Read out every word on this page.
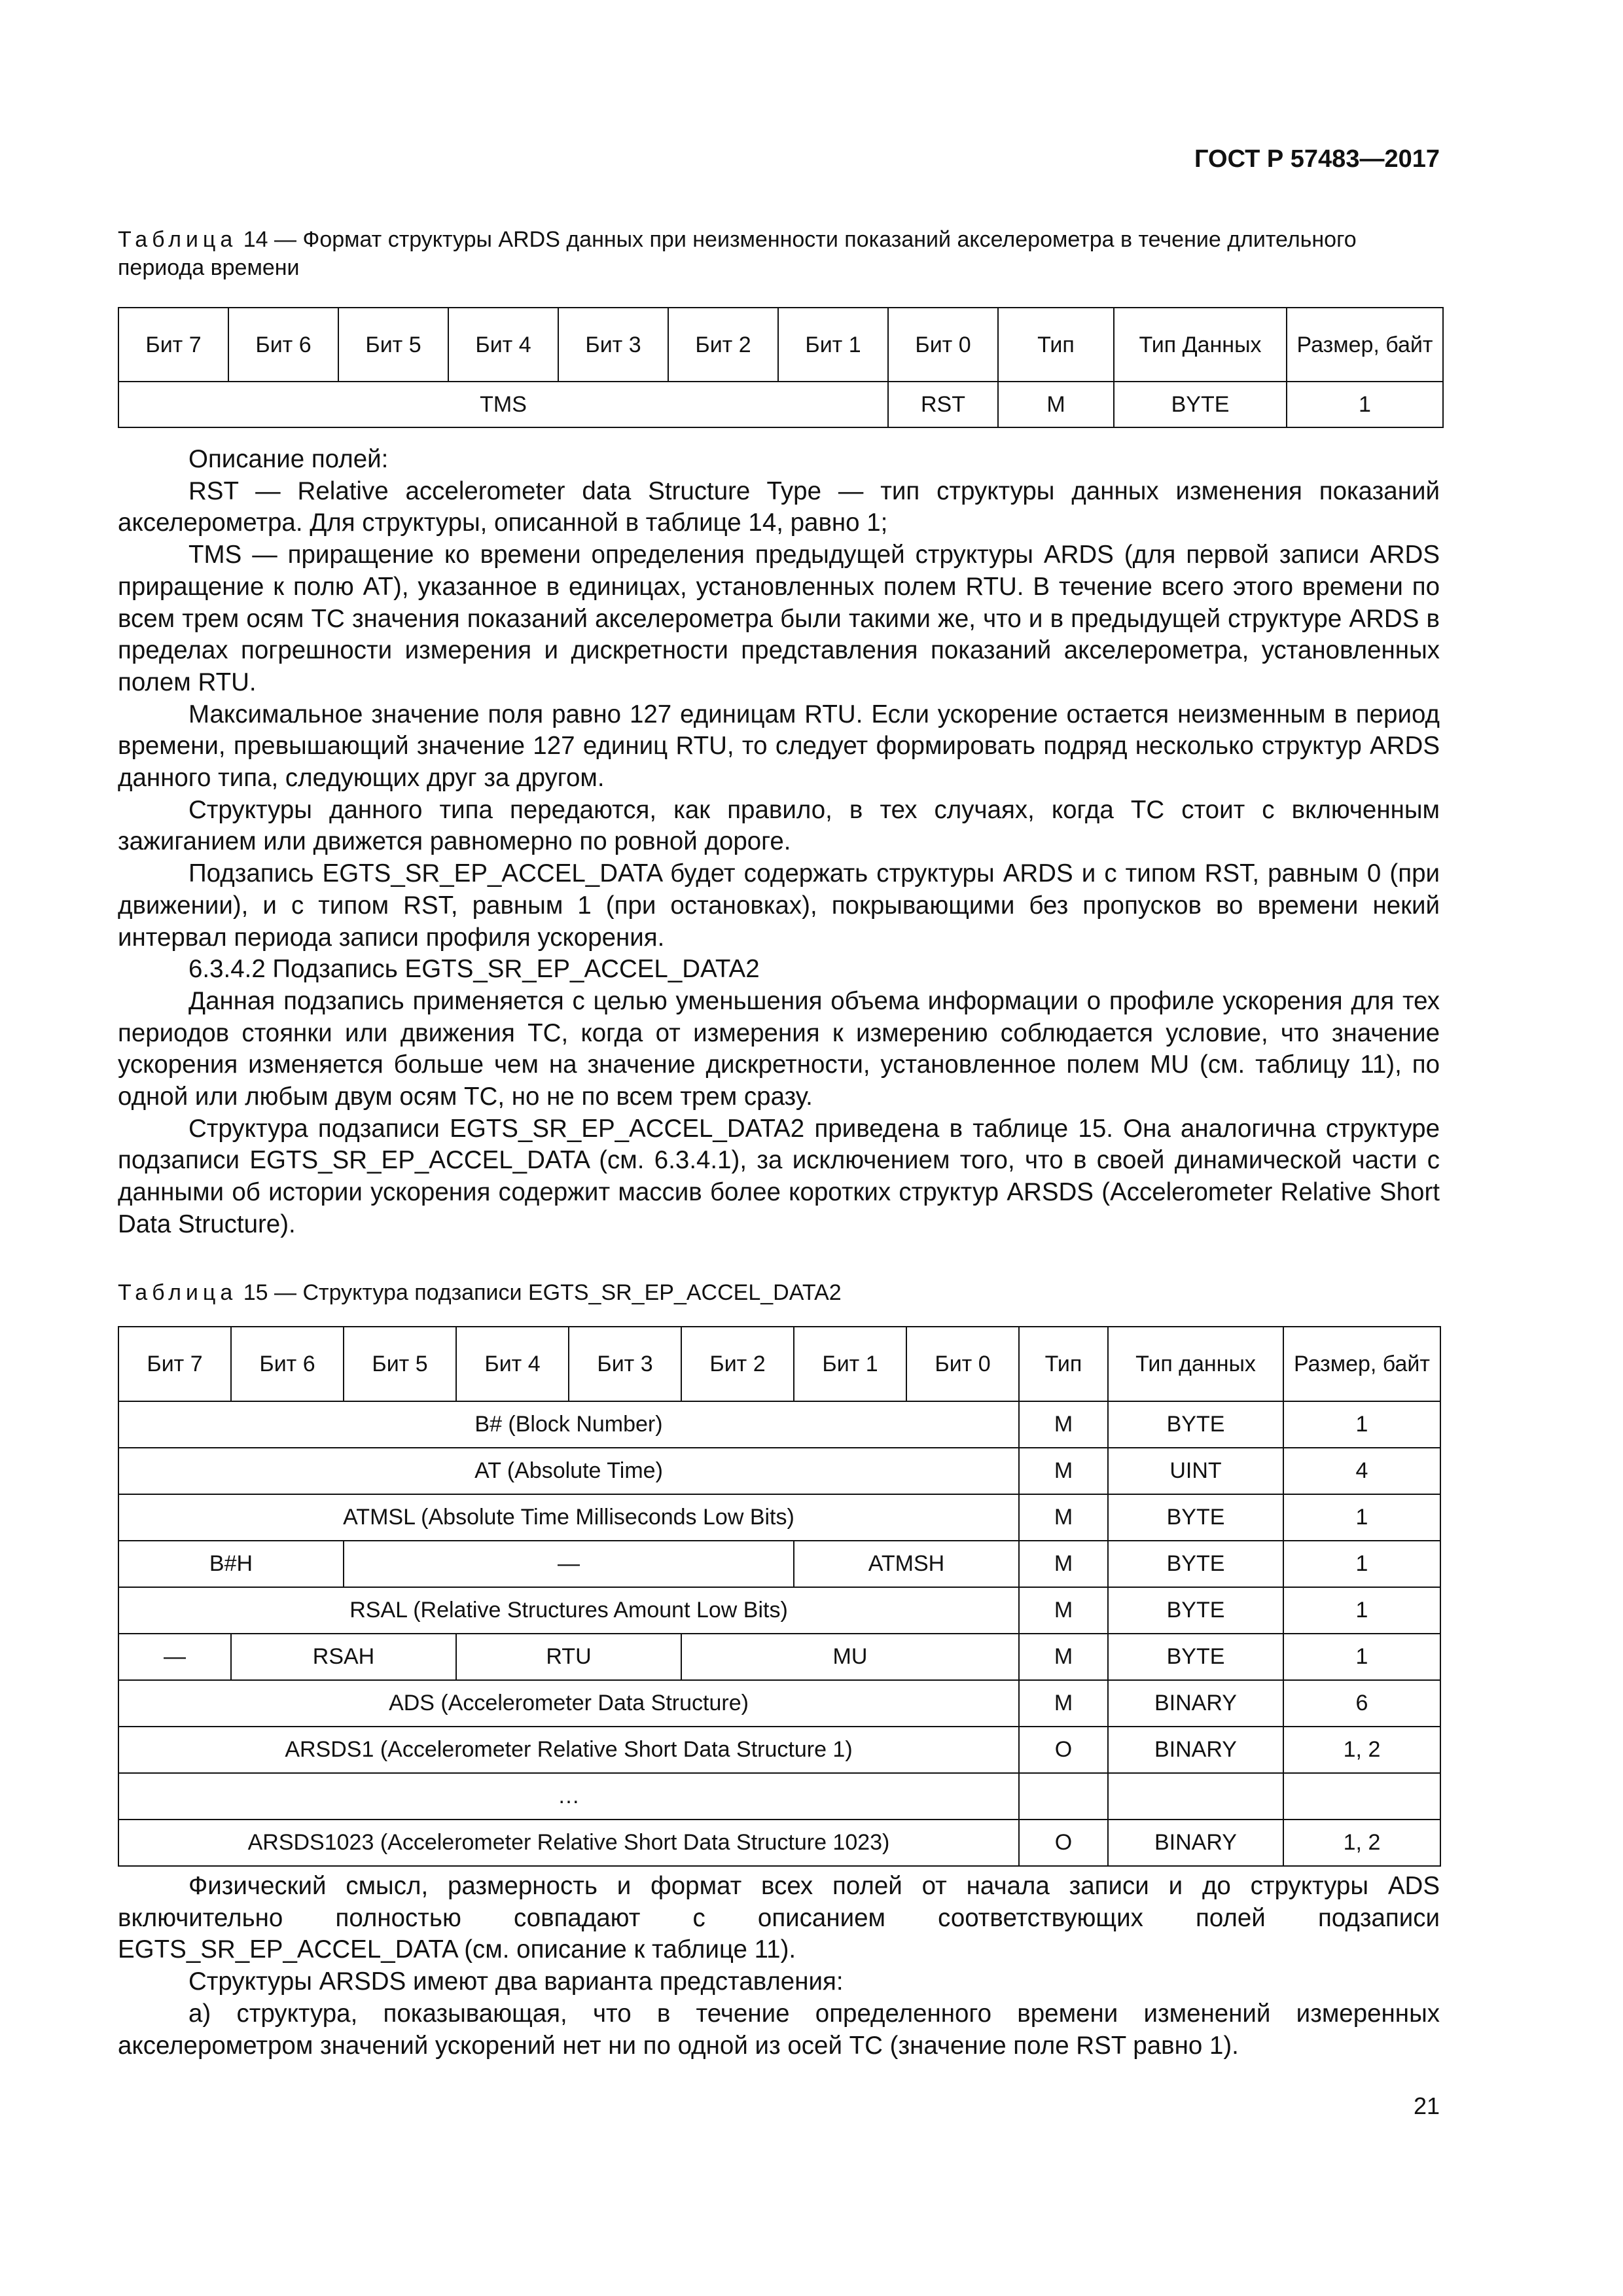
ГОСТ Р 57483—2017
Таблица 14 — Формат структуры ARDS данных при неизменности показаний акселерометра в течение длительного периода времени
Бит 7	Бит 6	Бит 5	Бит 4	Бит 3	Бит 2	Бит 1	Бит 0	Тип	Тип Данных	Размер, байт
TMS							RST	M	BYTE	1

Описание полей:

RST — Relative accelerometer data Structure Type — тип структуры данных изменения показаний акселерометра. Для структуры, описанной в таблице 14, равно 1;

TMS — приращение ко времени определения предыдущей структуры ARDS (для первой записи ARDS приращение к полю AT), указанное в единицах, установленных полем RTU. В течение всего этого времени по всем трем осям ТС значения показаний акселерометра были такими же, что и в предыдущей структуре ARDS в пределах погрешности измерения и дискретности представления показаний акселерометра, установленных полем RTU.

Максимальное значение поля равно 127 единицам RTU. Если ускорение остается неизменным в период времени, превышающий значение 127 единиц RTU, то следует формировать подряд несколько структур ARDS данного типа, следующих друг за другом.

Структуры данного типа передаются, как правило, в тех случаях, когда ТС стоит с включенным зажиганием или движется равномерно по ровной дороге.

Подзапись EGTS_SR_EP_ACCEL_DATA будет содержать структуры ARDS и с типом RST, равным 0 (при движении), и с типом RST, равным 1 (при остановках), покрывающими без пропусков во времени некий интервал периода записи профиля ускорения.

6.3.4.2 Подзапись EGTS_SR_EP_ACCEL_DATA2

Данная подзапись применяется с целью уменьшения объема информации о профиле ускорения для тех периодов стоянки или движения ТС, когда от измерения к измерению соблюдается условие, что значение ускорения изменяется больше чем на значение дискретности, установленное полем MU (см. таблицу 11), по одной или любым двум осям ТС, но не по всем трем сразу.

Структура подзаписи EGTS_SR_EP_ACCEL_DATA2 приведена в таблице 15. Она аналогична структуре подзаписи EGTS_SR_EP_ACCEL_DATA (см. 6.3.4.1), за исключением того, что в своей динамической части с данными об истории ускорения содержит массив более коротких структур ARSDS (Accelerometer Relative Short Data Structure).

Таблица 15 — Структура подзаписи EGTS_SR_EP_ACCEL_DATA2
Бит 7	Бит 6	Бит 5	Бит 4	Бит 3	Бит 2	Бит 1	Бит 0	Тип	Тип данных	Размер, байт
B# (Block Number)								M	BYTE	1
AT (Absolute Time)								M	UINT	4
ATMSL (Absolute Time Milliseconds Low Bits)								M	BYTE	1
B#H		—				ATMSH		M	BYTE	1
RSAL (Relative Structures Amount Low Bits)								M	BYTE	1
—	RSAH		RTU		MU			M	BYTE	1
ADS (Accelerometer Data Structure)								M	BINARY	6
ARSDS1 (Accelerometer Relative Short Data Structure 1)								O	BINARY	1, 2
…										
ARSDS1023 (Accelerometer Relative Short Data Structure 1023)								O	BINARY	1, 2

Физический смысл, размерность и формат всех полей от начала записи и до структуры ADS включительно полностью совпадают с описанием соответствующих полей подзаписи EGTS_SR_EP_ACCEL_DATA (см. описание к таблице 11).

Структуры ARSDS имеют два варианта представления:

а) структура, показывающая, что в течение определенного времени изменений измеренных акселерометром значений ускорений нет ни по одной из осей ТС (значение поле RST равно 1).

21
